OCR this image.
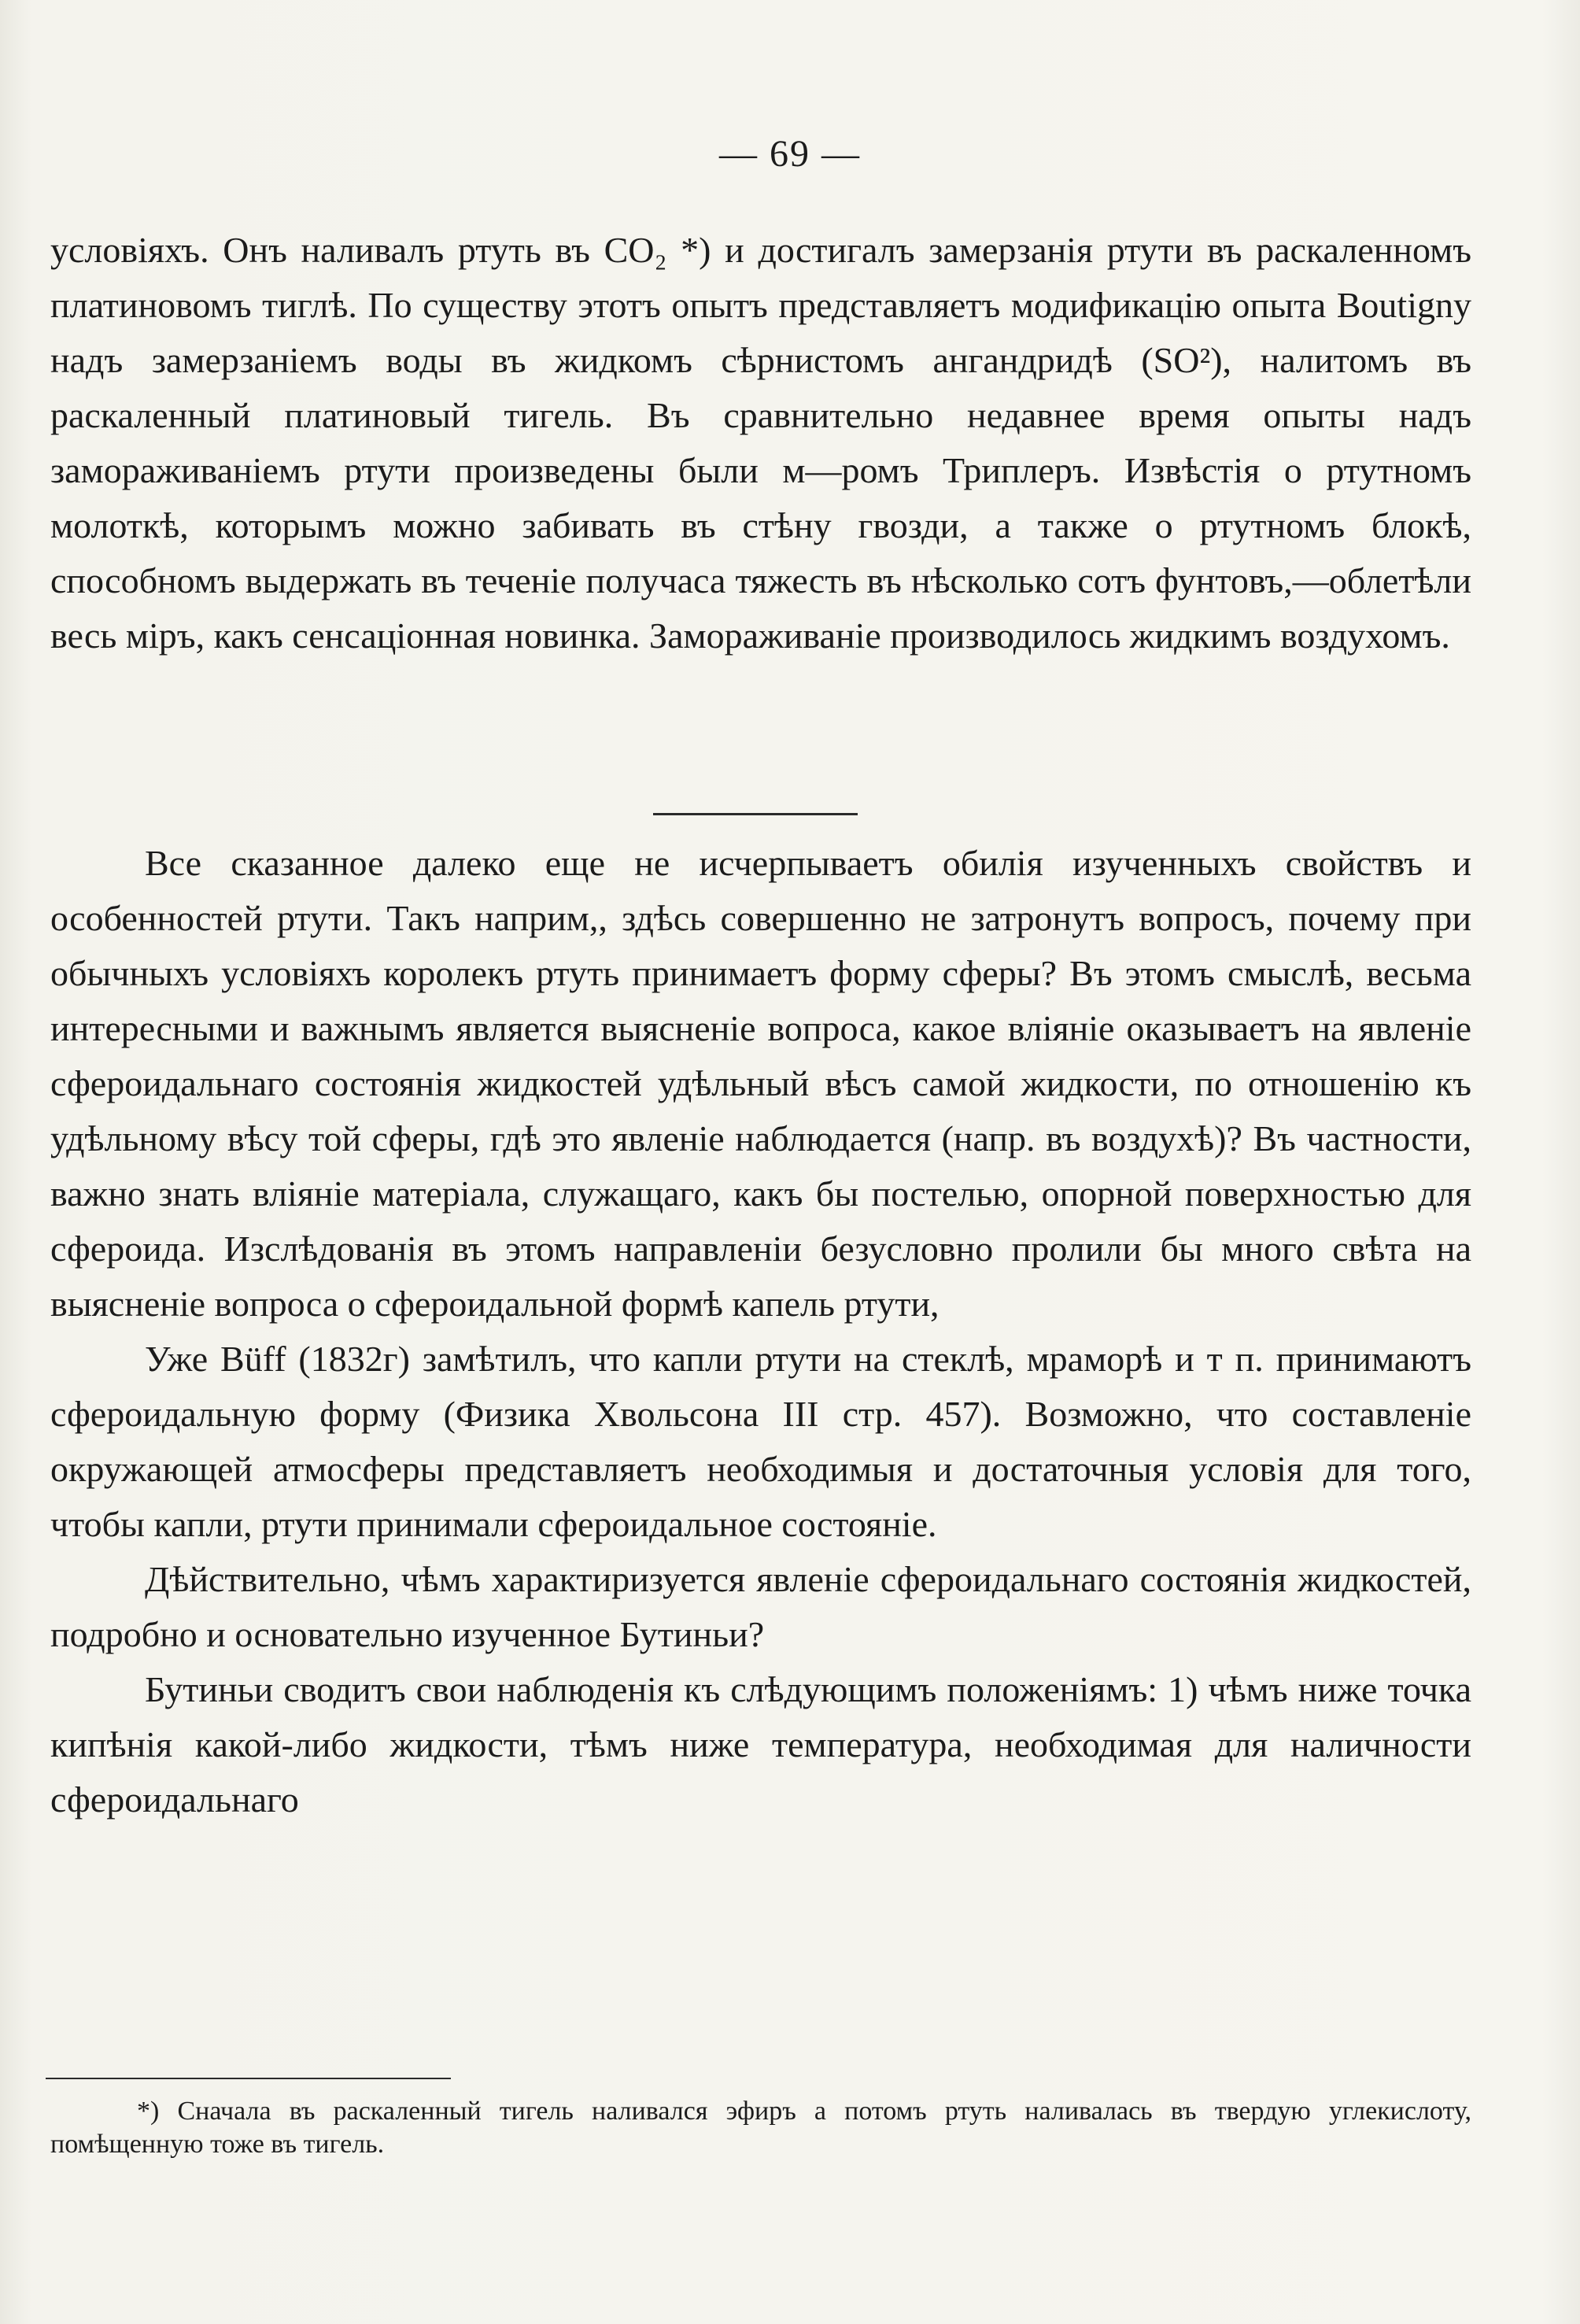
— 69 —

условіяхъ. Онъ наливалъ ртуть въ CO₂ *) и достигалъ замерзанія ртути въ раскаленномъ платиновомъ тиглѣ. По существу этотъ опытъ представляетъ модификацію опыта Boutigny надъ замерзаніемъ воды въ жидкомъ сѣрнистомъ ангандридѣ (SO²), налитомъ въ раскаленный платиновый тигель. Въ сравнительно недавнее время опыты надъ замораживаніемъ ртути произведены были м—ромъ Триплеръ. Извѣстія о ртутномъ молоткѣ, которымъ можно забивать въ стѣну гвозди, а также о ртутномъ блокѣ, способномъ выдержать въ теченіе получаса тяжесть въ нѣсколько сотъ фунтовъ,—облетѣли весь міръ, какъ сенсаціонная новинка. Замораживаніе производилось жидкимъ воздухомъ.

Все сказанное далеко еще не исчерпываетъ обилія изученныхъ свойствъ и особенностей ртути. Такъ наприм,, здѣсь совершенно не затронутъ вопросъ, почему при обычныхъ условіяхъ королекъ ртуть принимаетъ форму сферы? Въ этомъ смыслѣ, весьма интересными и важнымъ является выясненіе вопроса, какое вліяніе оказываетъ на явленіе сфероидальнаго состоянія жидкостей удѣльный вѣсъ самой жидкости, по отношенію къ удѣльному вѣсу той сферы, гдѣ это явленіе наблюдается (напр. въ воздухѣ)? Въ частности, важно знать вліяніе матеріала, служащаго, какъ бы постелью, опорной поверхностью для сфероида. Изслѣдованія въ этомъ направленіи безусловно пролили бы много свѣта на выясненіе вопроса о сфероидальной формѣ капель ртути,

Уже Büff (1832г) замѣтилъ, что капли ртути на стеклѣ, мраморѣ и т п. принимаютъ сфероидальную форму (Физика Хвольсона III стр. 457). Возможно, что составленіе окружающей атмосферы представляетъ необходимыя и достаточныя условія для того, чтобы капли, ртути принимали сфероидальное состояніе.

Дѣйствительно, чѣмъ характиризуется явленіе сфероидальнаго состоянія жидкостей, подробно и основательно изученное Бутиньи?

Бутиньи сводитъ свои наблюденія къ слѣдующимъ положеніямъ: 1) чѣмъ ниже точка кипѣнія какой-либо жидкости, тѣмъ ниже температура, необходимая для наличности сфероидальнаго

*) Сначала въ раскаленный тигель наливался эфиръ а потомъ ртуть наливалась въ твердую углекислоту, помѣщенную тоже въ тигель.
